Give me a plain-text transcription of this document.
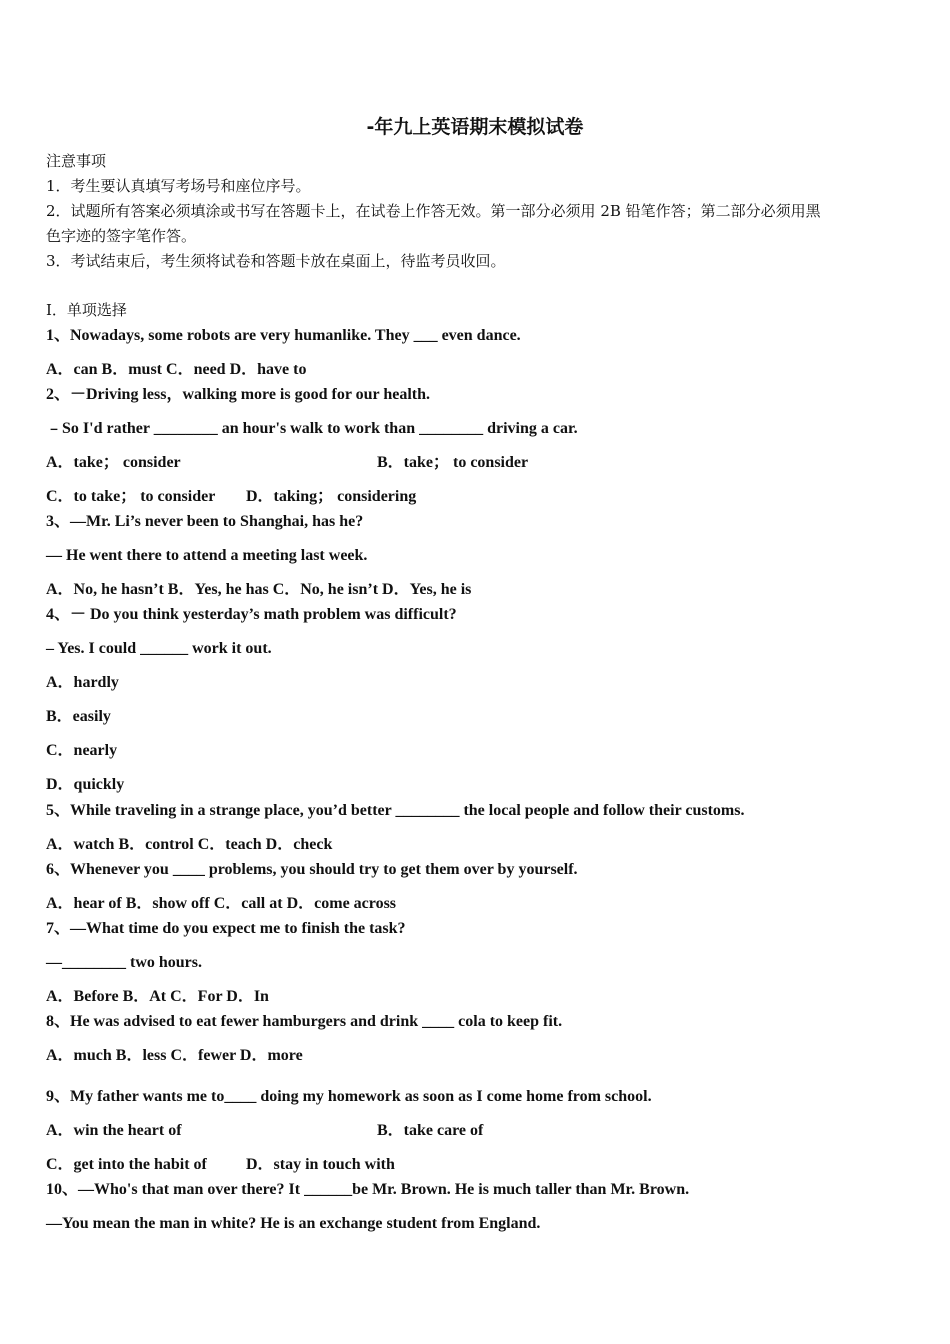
-年九上英语期末模拟试卷
注意事项
1．考生要认真填写考场号和座位序号。
2．试题所有答案必须填涂或书写在答题卡上，在试卷上作答无效。第一部分必须用 2B 铅笔作答；第二部分必须用黑
色字迹的签字笔作答。
3．考试结束后，考生须将试卷和答题卡放在桌面上，待监考员收回。
Ⅰ．单项选择
1、Nowadays, some robots are very humanlike. They ___ even dance.
A．can B．must C．need D．have to
2、－Driving less，walking more is good for our health.
﹣So I'd rather ________ an hour's walk to work than ________ driving a car.
A．take； consider	B．take； to consider
C．to take； to consider D．taking； considering
3、—Mr. Li’s never been to Shanghai, has he?
— He went there to attend a meeting last week.
A．No, he hasn’t B．Yes, he has C．No, he isn’t D．Yes, he is
4、－ Do you think yesterday’s math problem was difficult?
– Yes. I could ______ work it out.
A．hardly
B．easily
C．nearly
D．quickly
5、While traveling in a strange place, you’d better ________ the local people and follow their customs.
A．watch B．control C．teach D．check
6、Whenever you ____ problems, you should try to get them over by yourself.
A．hear of B．show off C．call at D．come across
7、—What time do you expect me to finish the task?
—________ two hours.
A．Before B．At C．For D．In
8、He was advised to eat fewer hamburgers and drink ____ cola to keep fit.
A．much B．less C．fewer D．more
9、My father wants me to____ doing my homework as soon as I come home from school.
A．win the heart of	B．take care of
C．get into the habit of D．stay in touch with
10、—Who's that man over there? It ______be Mr. Brown. He is much taller than Mr. Brown.
—You mean the man in white? He is an exchange student from England.
